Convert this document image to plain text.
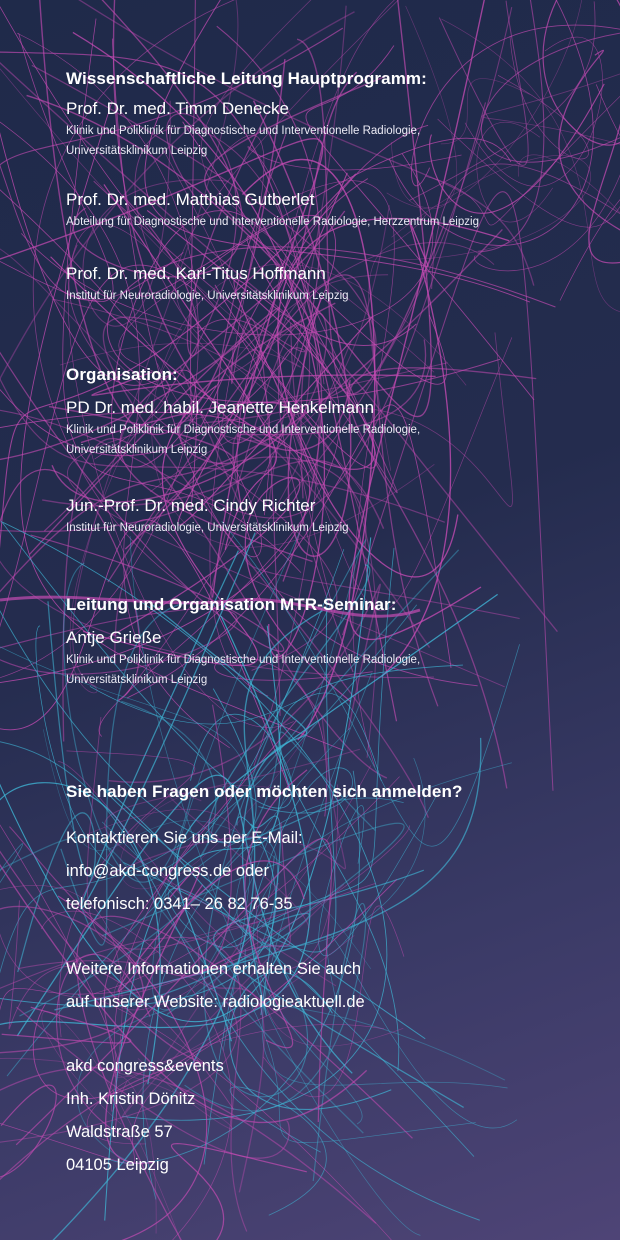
Wissenschaftliche Leitung Hauptprogramm:

Prof. Dr. med. Timm Denecke

Klinik und Poliklinik für Diagnostische und Interventionelle Radiologie,

Universitätsklinikum Leipzig

Prof. Dr. med. Matthias Gutberlet

Abteilung für Diagnostische und Interventionelle Radiologie, Herzzentrum Leipzig

Prof. Dr. med. Karl-Titus Hoffmann

Institut für Neuroradiologie, Universitätsklinikum Leipzig

Organisation:

PD Dr. med. habil. Jeanette Henkelmann

Klinik und Poliklinik für Diagnostische und Interventionelle Radiologie,

Universitätsklinikum Leipzig

Jun.-Prof. Dr. med. Cindy Richter

Institut für Neuroradiologie, Universitätsklinikum Leipzig

Leitung und Organisation MTR-Seminar:

Antje Grieße

Klinik und Poliklinik für Diagnostische und Interventionelle Radiologie,

Universitätsklinikum Leipzig

Sie haben Fragen oder möchten sich anmelden?

Kontaktieren Sie uns per E-Mail:

info@akd-congress.de oder

telefonisch: 0341– 26 82 76-35

Weitere Informationen erhalten Sie auch

auf unserer Website: radiologieaktuell.de

akd congress&events

Inh. Kristin Dönitz

Waldstraße 57

04105 Leipzig
